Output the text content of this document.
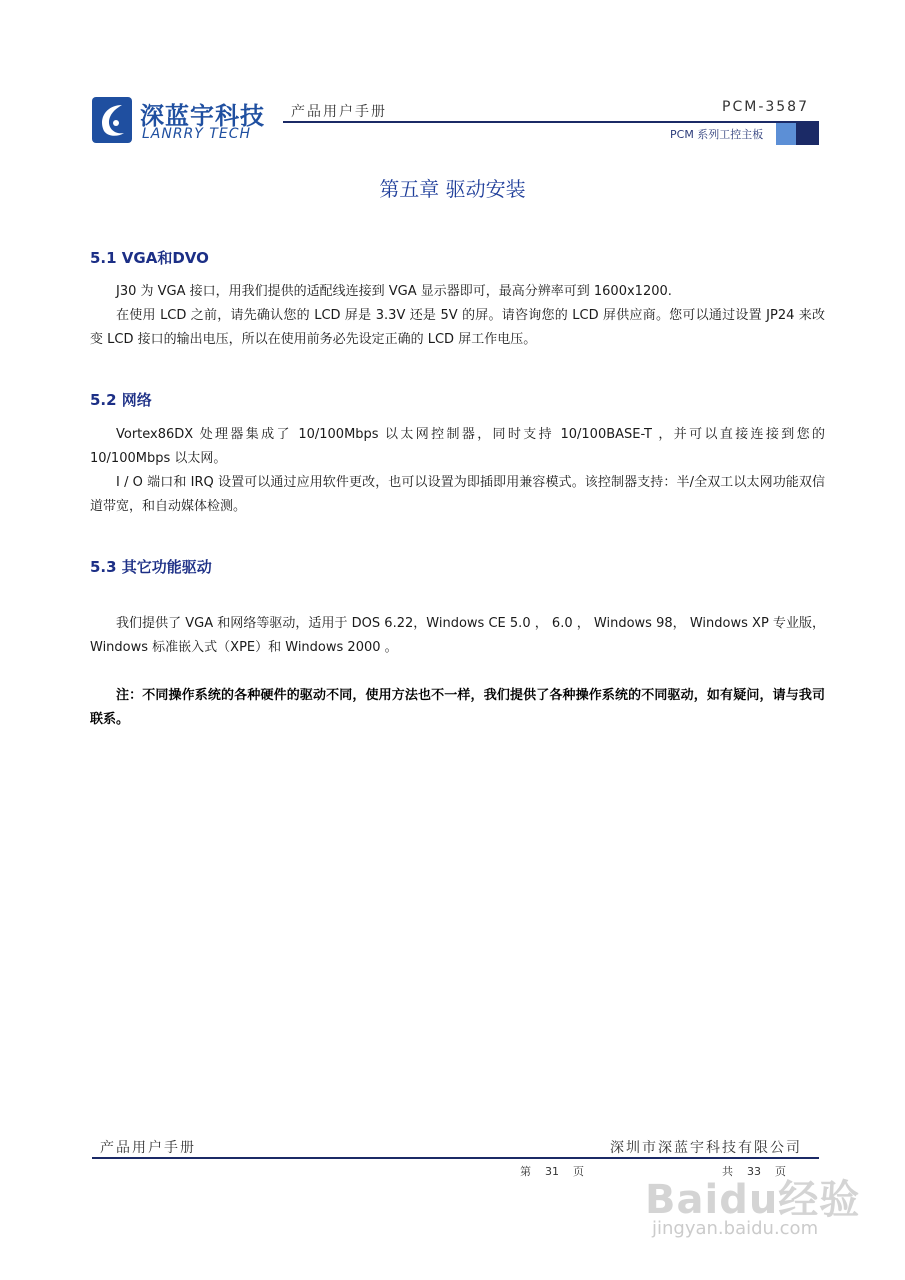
深蓝宇科技
LANRRY TECH
产品用户手册	PCM-3587
PCM 系列工控主板
第五章 驱动安装
5.1 VGA和DVO
J30 为 VGA 接口，用我们提供的适配线连接到 VGA 显示器即可，最高分辨率可到 1600x1200.
在使用 LCD 之前，请先确认您的 LCD 屏是 3.3V 还是 5V 的屏。请咨询您的 LCD 屏供应商。您可以通过设置 JP24 来改变 LCD 接口的输出电压，所以在使用前务必先设定正确的 LCD 屏工作电压。
5.2 网络
Vortex86DX 处理器集成了 10/100Mbps 以太网控制器，同时支持 10/100BASE-T ，并可以直接连接到您的 10/100Mbps 以太网。
I / O 端口和 IRQ 设置可以通过应用软件更改，也可以设置为即插即用兼容模式。该控制器支持：半/全双工以太网功能双信道带宽，和自动媒体检测。
5.3 其它功能驱动
我们提供了 VGA 和网络等驱动，适用于 DOS 6.22，Windows CE 5.0 ， 6.0 ， Windows 98， Windows XP 专业版， Windows 标准嵌入式（XPE）和 Windows 2000 。
注：不同操作系统的各种硬件的驱动不同，使用方法也不一样，我们提供了各种操作系统的不同驱动，如有疑问，请与我司联系。
产品用户手册	深圳市深蓝宇科技有限公司
第    31    页	共    33    页
Baidu经验
jingyan.baidu.com
